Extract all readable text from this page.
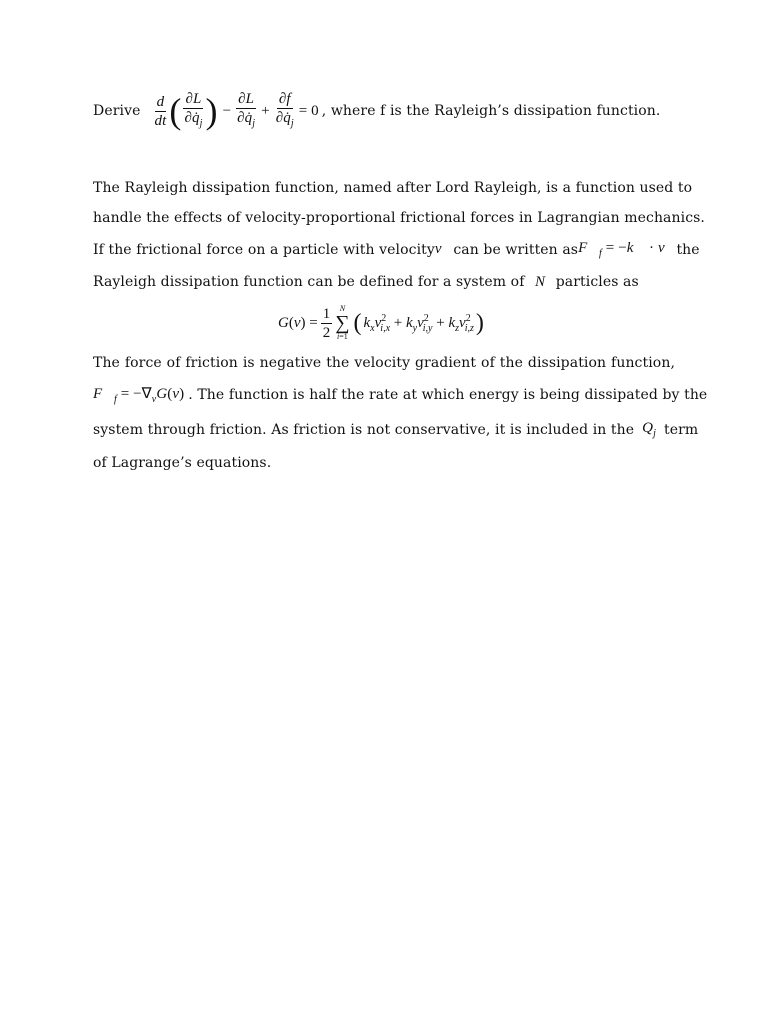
Derive $\frac{d}{dt}$ ( $\frac{\partial L}{\partial q̇_j}$ ) − $\frac{\partial L}{\partial q̇_j} + \frac{\partial f}{\partial q̇_j} = 0$ , where f is the Rayleigh’s dissipation function.
The Rayleigh dissipation function, named after Lord Rayleigh, is a function used to
handle the effects of velocity-proportional frictional forces in Lagrangian mechanics.
If the frictional force on a particle with velocity v⃗ can be written as $F⃗_f$ = −k⃗ · v⃗ the
Rayleigh dissipation function can be defined for a system of N particles as
$G(v) = \frac{1}{2}$ N
∑
i=1
( $k_xv^2_{i,x} + k_yv^2_{i,y} + k_zv^2_{i,z}$ )
The force of friction is negative the velocity gradient of the dissipation function,
$F⃗_f = -\nabla_vG(v)$ . The function is half the rate at which energy is being dissipated by the
system through friction. As friction is not conservative, it is included in the $Q_j$ term
of Lagrange’s equations.
